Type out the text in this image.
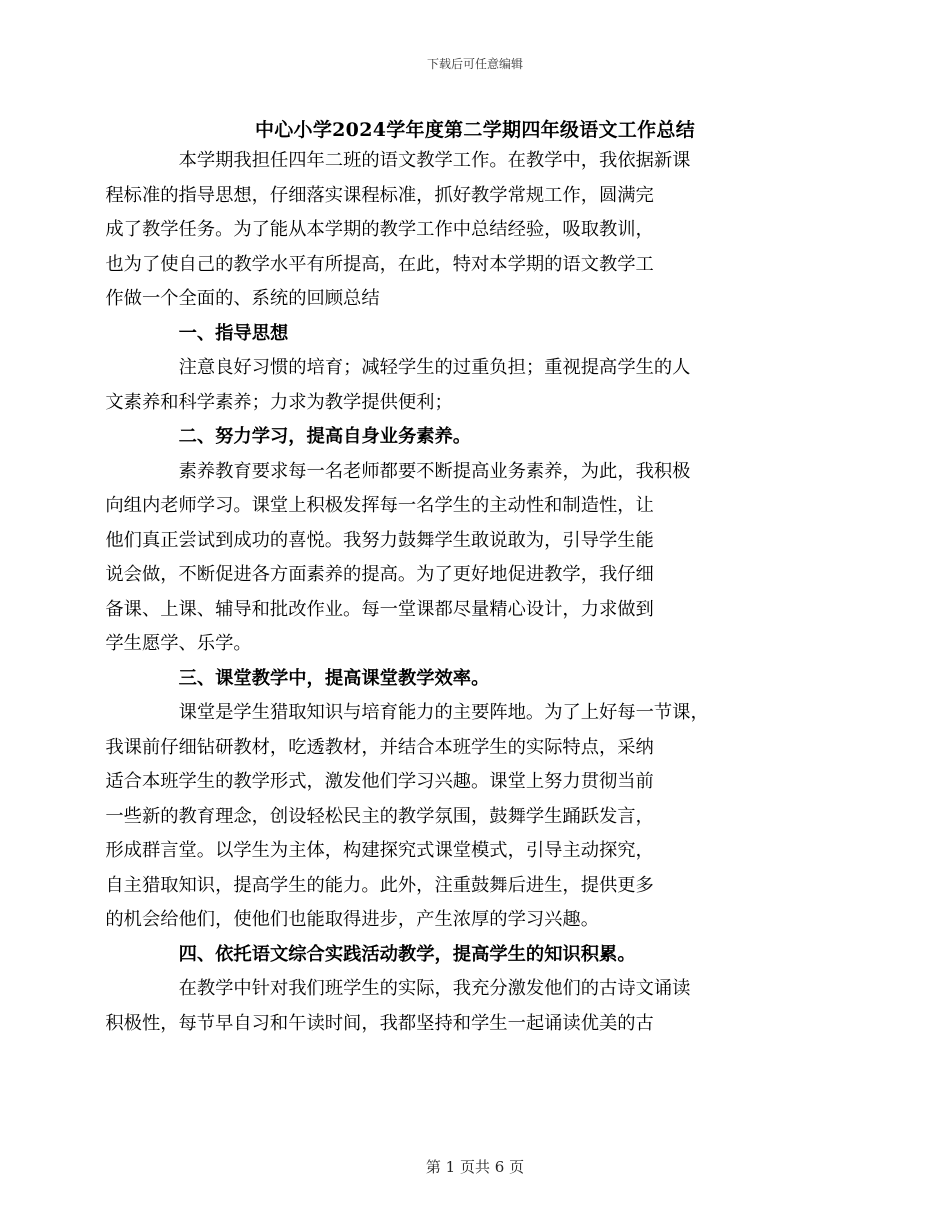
下载后可任意编辑
中心小学2024学年度第二学期四年级语文工作总结

本学期我担任四年二班的语文教学工作。在教学中，我依据新课
程标准的指导思想，仔细落实课程标准，抓好教学常规工作，圆满完
成了教学任务。为了能从本学期的教学工作中总结经验，吸取教训，
也为了使自己的教学水平有所提高，在此，特对本学期的语文教学工
作做一个全面的、系统的回顾总结

一、指导思想

注意良好习惯的培育；减轻学生的过重负担；重视提高学生的人
文素养和科学素养；力求为教学提供便利；

二、努力学习，提高自身业务素养。

素养教育要求每一名老师都要不断提高业务素养，为此，我积极
向组内老师学习。课堂上积极发挥每一名学生的主动性和制造性，让
他们真正尝试到成功的喜悦。我努力鼓舞学生敢说敢为，引导学生能
说会做，不断促进各方面素养的提高。为了更好地促进教学，我仔细
备课、上课、辅导和批改作业。每一堂课都尽量精心设计，力求做到
学生愿学、乐学。

三、课堂教学中，提高课堂教学效率。

课堂是学生猎取知识与培育能力的主要阵地。为了上好每一节课，
我课前仔细钻研教材，吃透教材，并结合本班学生的实际特点，采纳
适合本班学生的教学形式，激发他们学习兴趣。课堂上努力贯彻当前
一些新的教育理念，创设轻松民主的教学氛围，鼓舞学生踊跃发言，
形成群言堂。以学生为主体，构建探究式课堂模式，引导主动探究，
自主猎取知识，提高学生的能力。此外，注重鼓舞后进生，提供更多
的机会给他们，使他们也能取得进步，产生浓厚的学习兴趣。

四、依托语文综合实践活动教学，提高学生的知识积累。

在教学中针对我们班学生的实际，我充分激发他们的古诗文诵读
积极性，每节早自习和午读时间，我都坚持和学生一起诵读优美的古

第 1 页共 6 页
